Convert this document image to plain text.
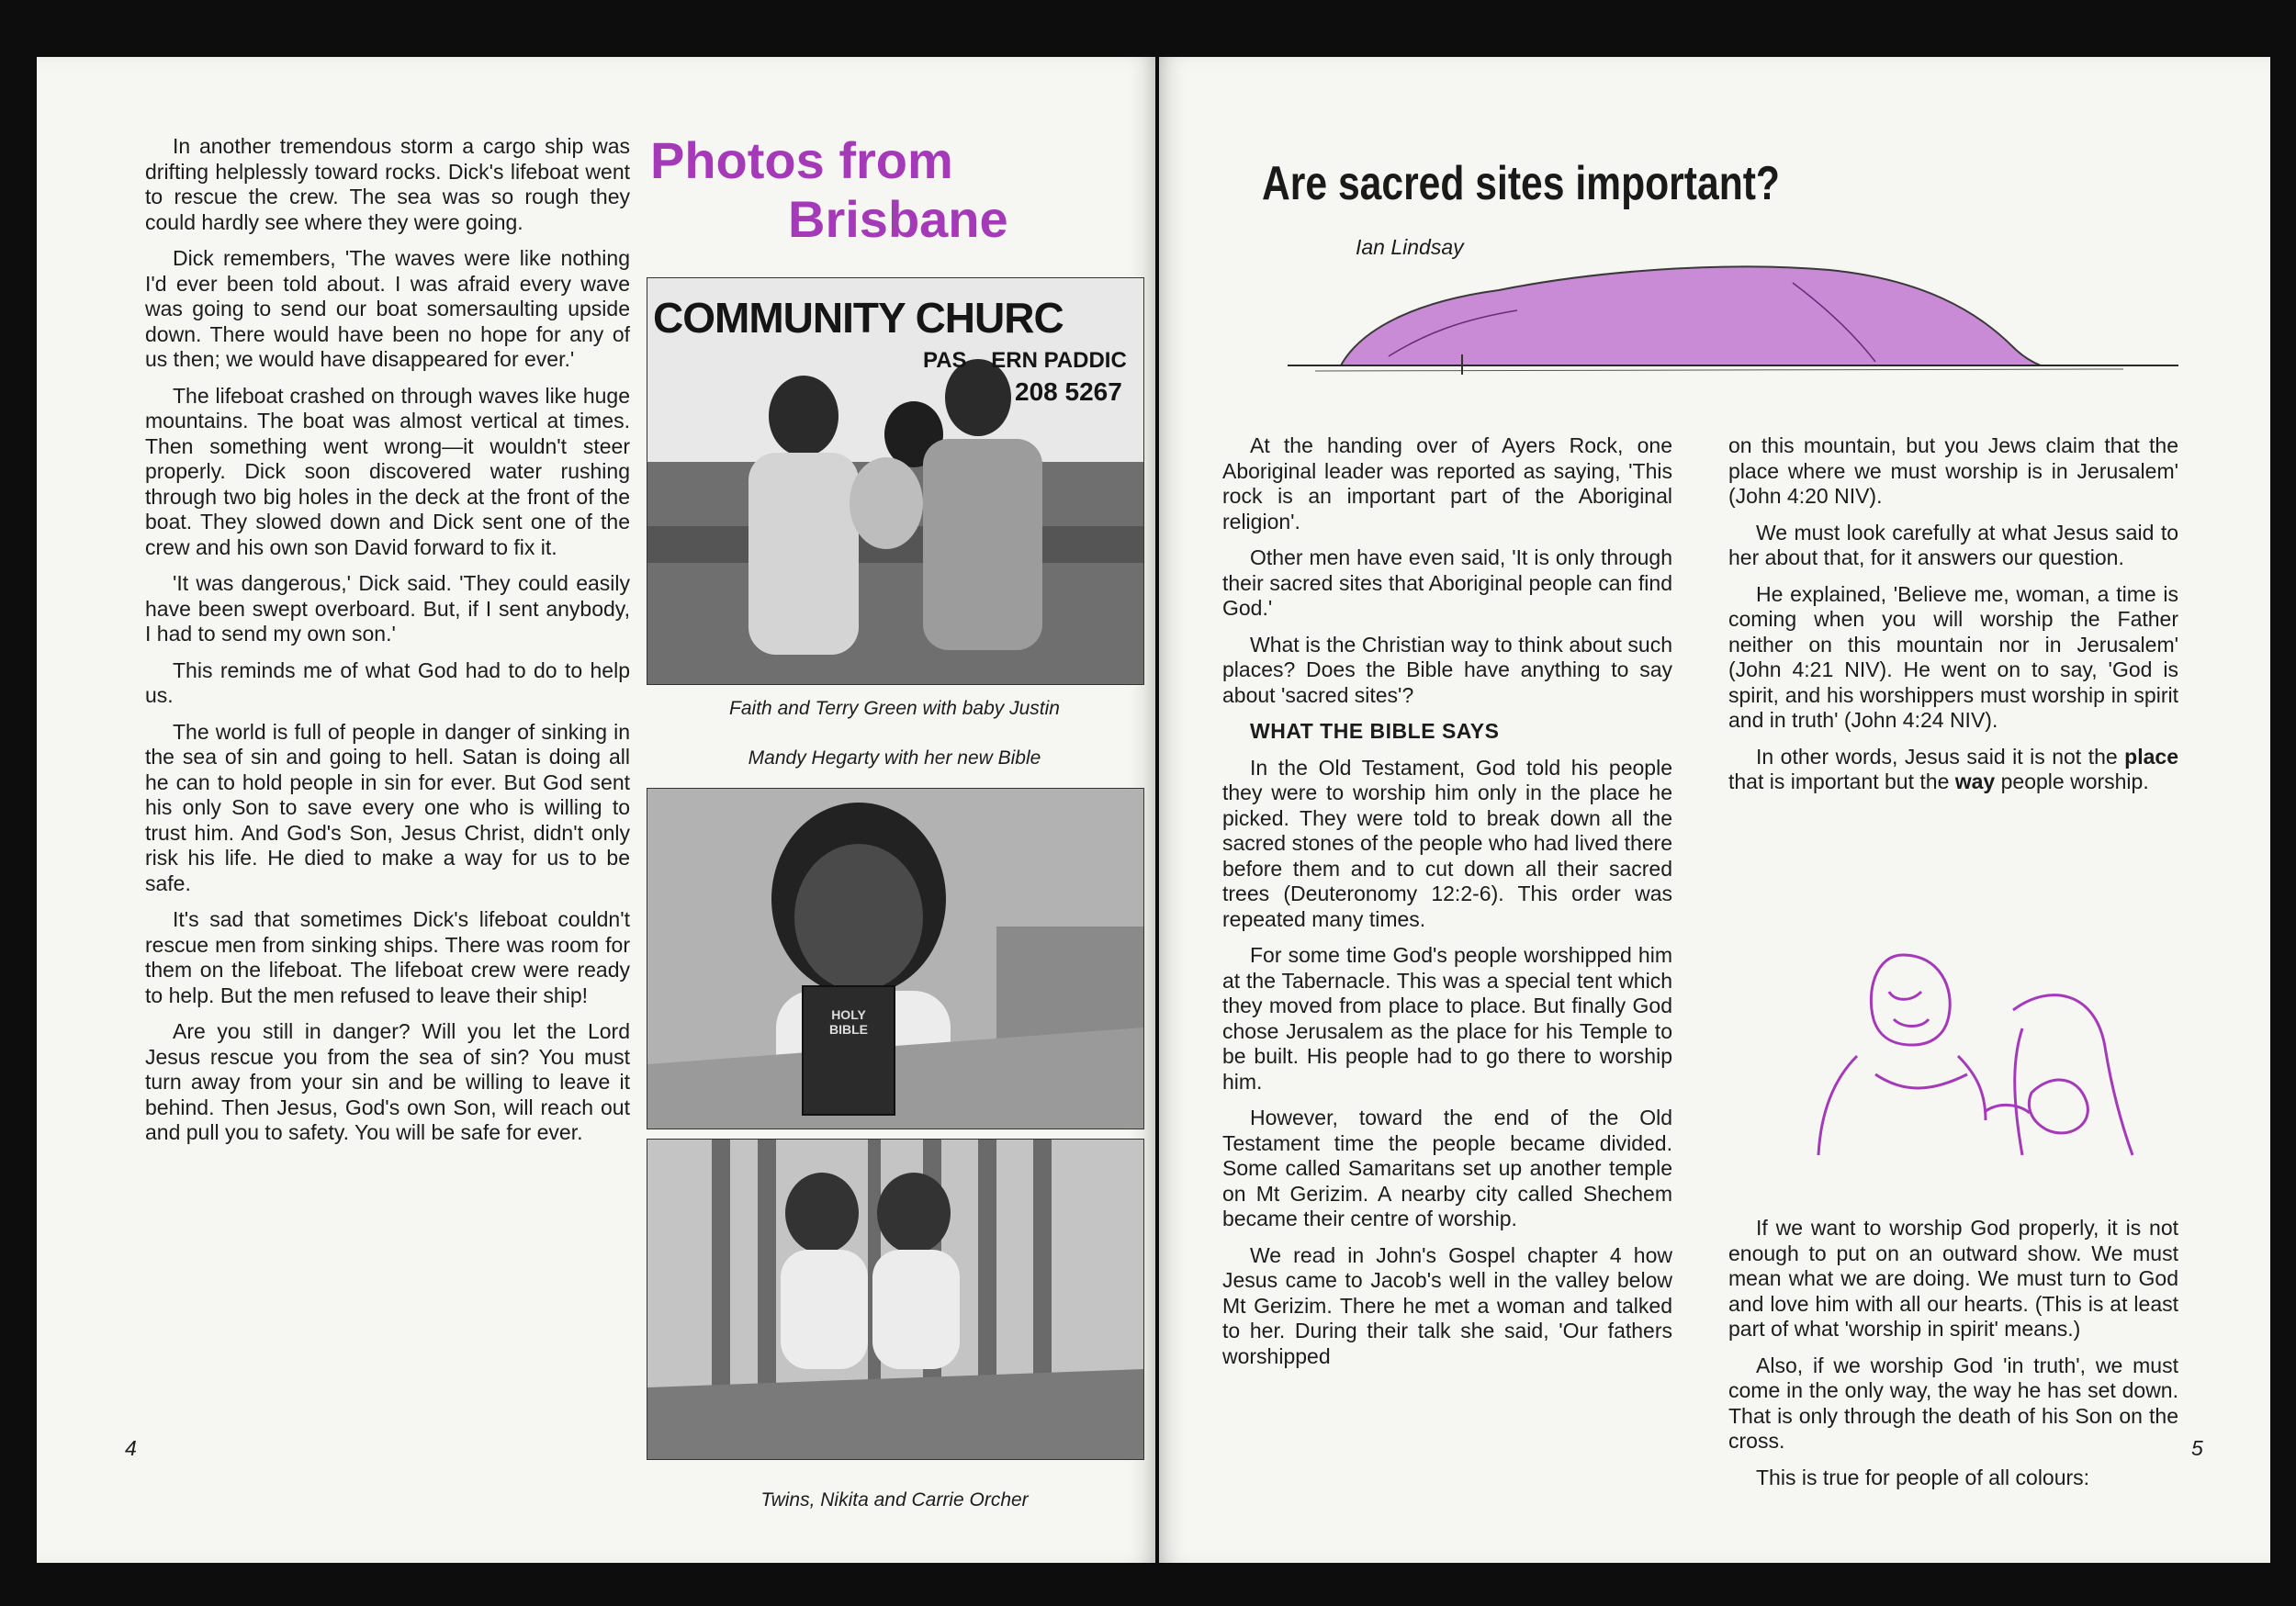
In another tremendous storm a cargo ship was drifting helplessly toward rocks. Dick's lifeboat went to rescue the crew. The sea was so rough they could hardly see where they were going.

Dick remembers, 'The waves were like nothing I'd ever been told about. I was afraid every wave was going to send our boat somersaulting upside down. There would have been no hope for any of us then; we would have disappeared for ever.'

The lifeboat crashed on through waves like huge mountains. The boat was almost vertical at times. Then something went wrong—it wouldn't steer properly. Dick soon discovered water rushing through two big holes in the deck at the front of the boat. They slowed down and Dick sent one of the crew and his own son David forward to fix it.

'It was dangerous,' Dick said. 'They could easily have been swept overboard. But, if I sent anybody, I had to send my own son.'

This reminds me of what God had to do to help us.

The world is full of people in danger of sinking in the sea of sin and going to hell. Satan is doing all he can to hold people in sin for ever. But God sent his only Son to save every one who is willing to trust him. And God's Son, Jesus Christ, didn't only risk his life. He died to make a way for us to be safe.

It's sad that sometimes Dick's lifeboat couldn't rescue men from sinking ships. There was room for them on the lifeboat. The lifeboat crew were ready to help. But the men refused to leave their ship!

Are you still in danger? Will you let the Lord Jesus rescue you from the sea of sin? You must turn away from your sin and be willing to leave it behind. Then Jesus, God's own Son, will reach out and pull you to safety. You will be safe for ever.

4
Photos from
Brisbane
COMMUNITY CHURC
PAS    ERN PADDIC
208 5267
Faith and Terry Green with baby Justin
Mandy Hegarty with her new Bible
HOLY BIBLE
Twins, Nikita and Carrie Orcher
Are sacred sites important?
Ian Lindsay

At the handing over of Ayers Rock, one Aboriginal leader was reported as saying, 'This rock is an important part of the Aboriginal religion'.

Other men have even said, 'It is only through their sacred sites that Aboriginal people can find God.'

What is the Christian way to think about such places? Does the Bible have anything to say about 'sacred sites'?

WHAT THE BIBLE SAYS

In the Old Testament, God told his people they were to worship him only in the place he picked. They were told to break down all the sacred stones of the people who had lived there before them and to cut down all their sacred trees (Deuteronomy 12:2-6). This order was repeated many times.

For some time God's people worshipped him at the Tabernacle. This was a special tent which they moved from place to place. But finally God chose Jerusalem as the place for his Temple to be built. His people had to go there to worship him.

However, toward the end of the Old Testament time the people became divided. Some called Samaritans set up another temple on Mt Gerizim. A nearby city called Shechem became their centre of worship.

We read in John's Gospel chapter 4 how Jesus came to Jacob's well in the valley below Mt Gerizim. There he met a woman and talked to her. During their talk she said, 'Our fathers worshipped

on this mountain, but you Jews claim that the place where we must worship is in Jerusalem' (John 4:20 NIV).

We must look carefully at what Jesus said to her about that, for it answers our question.

He explained, 'Believe me, woman, a time is coming when you will worship the Father neither on this mountain nor in Jerusalem' (John 4:21 NIV). He went on to say, 'God is spirit, and his worshippers must worship in spirit and in truth' (John 4:24 NIV).

In other words, Jesus said it is not the place that is important but the way people worship.

If we want to worship God properly, it is not enough to put on an outward show. We must mean what we are doing. We must turn to God and love him with all our hearts. (This is at least part of what 'worship in spirit' means.)

Also, if we worship God 'in truth', we must come in the only way, the way he has set down. That is only through the death of his Son on the cross.

This is true for people of all colours:

5
